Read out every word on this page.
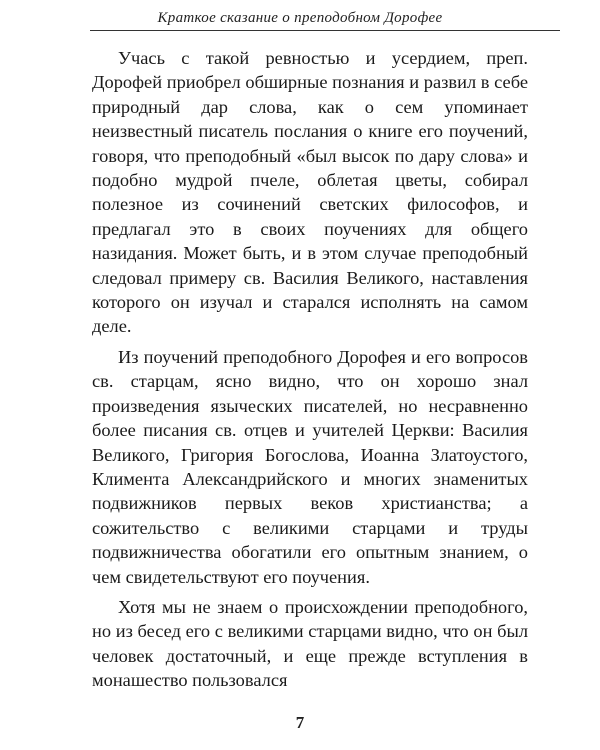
Краткое сказание о преподобном Дорофее

Учась с такой ревностью и усердием, преп. Дорофей приобрел обширные познания и развил в себе природный дар слова, как о сем упоминает неизвестный писатель послания о книге его поучений, говоря, что преподобный «был высок по дару слова» и подобно мудрой пчеле, облетая цветы, собирал полезное из сочинений светских философов, и предлагал это в своих поучениях для общего назидания. Может быть, и в этом случае преподобный следовал примеру св. Василия Великого, наставления которого он изучал и старался исполнять на самом деле.

Из поучений преподобного Дорофея и его вопросов св. старцам, ясно видно, что он хорошо знал произведения языческих писателей, но несравненно более писания св. отцев и учителей Церкви: Василия Великого, Григория Богослова, Иоанна Златоустого, Климента Александрийского и многих знаменитых подвижников первых веков христианства; а сожительство с великими старцами и труды подвижничества обогатили его опытным знанием, о чем свидетельствуют его поучения.

Хотя мы не знаем о происхождении преподобного, но из бесед его с великими старцами видно, что он был человек достаточный, и еще прежде вступления в монашество пользовался

7
